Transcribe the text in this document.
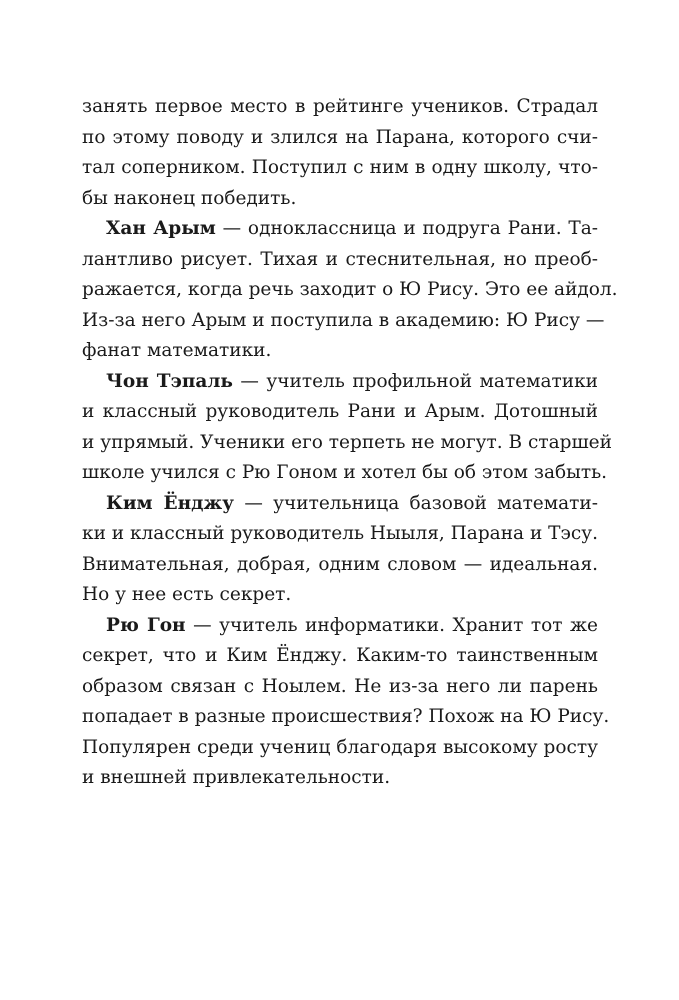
занять первое место в рейтинге учеников. Страдал
по этому поводу и злился на Парана, которого счи-
тал соперником. Поступил с ним в одну школу, что-
бы наконец победить.
Хан Арым — одноклассница и подруга Рани. Та-
лантливо рисует. Тихая и стеснительная, но преоб-
ражается, когда речь заходит о Ю Рису. Это ее айдол.
Из-за него Арым и поступила в академию: Ю Рису —
фанат математики.
Чон Тэпаль — учитель профильной математики
и классный руководитель Рани и Арым. Дотошный
и упрямый. Ученики его терпеть не могут. В старшей
школе учился с Рю Гоном и хотел бы об этом забыть.
Ким Ёнджу — учительница базовой математи-
ки и классный руководитель Ныыля, Парана и Тэсу.
Внимательная, добрая, одним словом — идеальная.
Но у нее есть секрет.
Рю Гон — учитель информатики. Хранит тот же
секрет, что и Ким Ёнджу. Каким-то таинственным
образом связан с Ноылем. Не из-за него ли парень
попадает в разные происшествия? Похож на Ю Рису.
Популярен среди учениц благодаря высокому росту
и внешней привлекательности.
